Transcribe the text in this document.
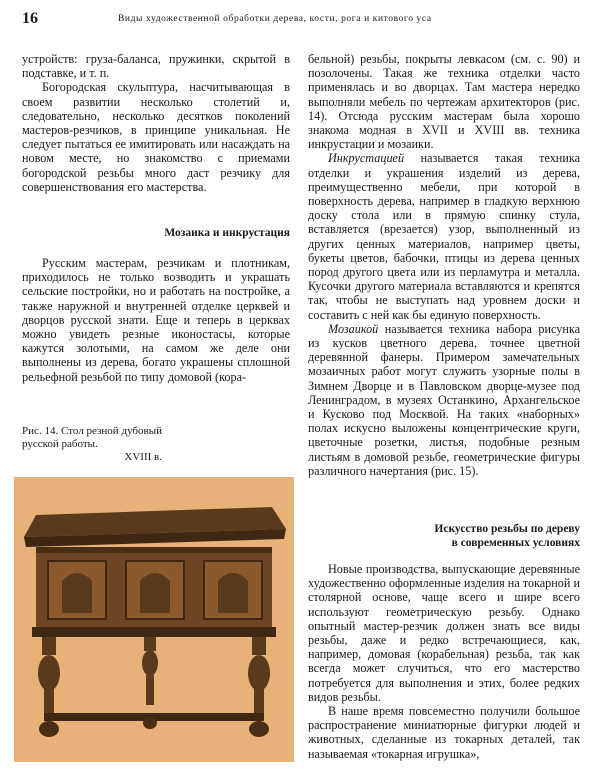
16	Виды художественной обработки дерева, кости, рога и китового уса

устройств: груза-баланса, пружинки, скрытой в подставке, и т. п.

Богородская скульптура, насчитывающая в своем развитии несколько столетий и, следовательно, несколько десятков поколений мастеров-резчиков, в принципе уникальная. Не следует пытаться ее имитировать или насаждать на новом месте, но знакомство с приемами богородской резьбы много даст резчику для совершенствования его мастерства.

Мозаика и инкрустация

Русским мастерам, резчикам и плотникам, приходилось не только возводить и украшать сельские постройки, но и работать на постройке, а также наружной и внутренней отделке церквей и дворцов русской знати. Еще и теперь в церквах можно увидеть резные иконостасы, которые кажутся золотыми, на самом же деле они выполнены из дерева, богато украшены сплошной рельефной резьбой по типу домовой (кора-

Рис. 14. Стол резной дубовый русской работы.
XVIII в.

бельной) резьбы, покрыты левкасом (см. с. 90) и позолочены. Такая же техника отделки часто применялась и во дворцах. Там мастера нередко выполняли мебель по чертежам архитекторов (рис. 14). Отсюда русским мастерам была хорошо знакома модная в XVII и XVIII вв. техника инкрустации и мозаики.

Инкрустацией называется такая техника отделки и украшения изделий из дерева, преимущественно мебели, при которой в поверхность дерева, например в гладкую верхнюю доску стола или в прямую спинку стула, вставляется (врезается) узор, выполненный из других ценных материалов, например цветы, букеты цветов, бабочки, птицы из дерева ценных пород другого цвета или из перламутра и металла. Кусочки другого материала вставляются и крепятся так, чтобы не выступать над уровнем доски и составить с ней как бы единую поверхность.

Мозаикой называется техника набора рисунка из кусков цветного дерева, точнее цветной деревянной фанеры. Примером замечательных мозаичных работ могут служить узорные полы в Зимнем Дворце и в Павловском дворце-музее под Ленинградом, в музеях Останкино, Архангельское и Кусково под Москвой. На таких «наборных» полах искусно выложены концентрические круги, цветочные розетки, листья, подобные резным листьям в домовой резьбе, геометрические фигуры различного начертания (рис. 15).

Искусство резьбы по дереву
в современных условиях

Новые производства, выпускающие деревянные художественно оформленные изделия на токарной и столярной основе, чаще всего и шире всего используют геометрическую резьбу. Однако опытный мастер-резчик должен знать все виды резьбы, даже и редко встречающиеся, как, например, домовая (корабельная) резьба, так как всегда может случиться, что его мастерство потребуется для выполнения и этих, более редких видов резьбы.

В наше время повсеместно получили большое распространение миниатюрные фигурки людей и животных, сделанные из токарных деталей, так называемая «токарная игрушка»,
